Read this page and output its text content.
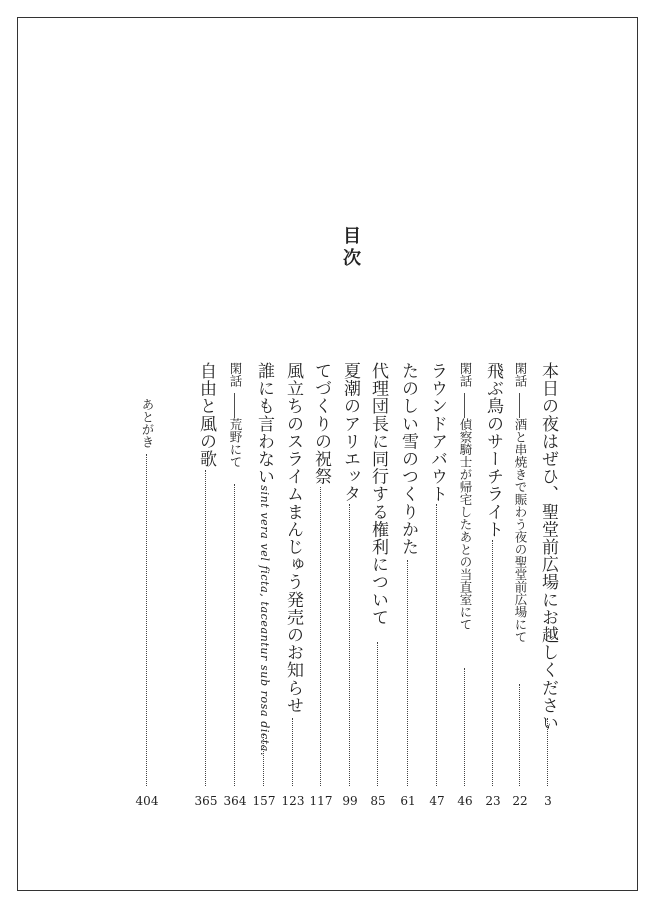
目次
本日の夜はぜひ、聖堂前広場にお越しください
3
閑話――酒と串焼きで賑わう夜の聖堂前広場にて
22
飛ぶ鳥のサーチライト
23
閑話――偵察騎士が帰宅したあとの当直室にて
46
ラウンドアバウト
47
たのしい雪のつくりかた
61
代理団長に同行する権利について
85
夏潮のアリエッタ
99
てづくりの祝祭
117
風立ちのスライムまんじゅう発売のお知らせ
123
誰にも言わないsint vera vel ficta, taceantur sub rosa dicta.
157
閑話――荒野にて
364
自由と風の歌
365
あとがき
404
